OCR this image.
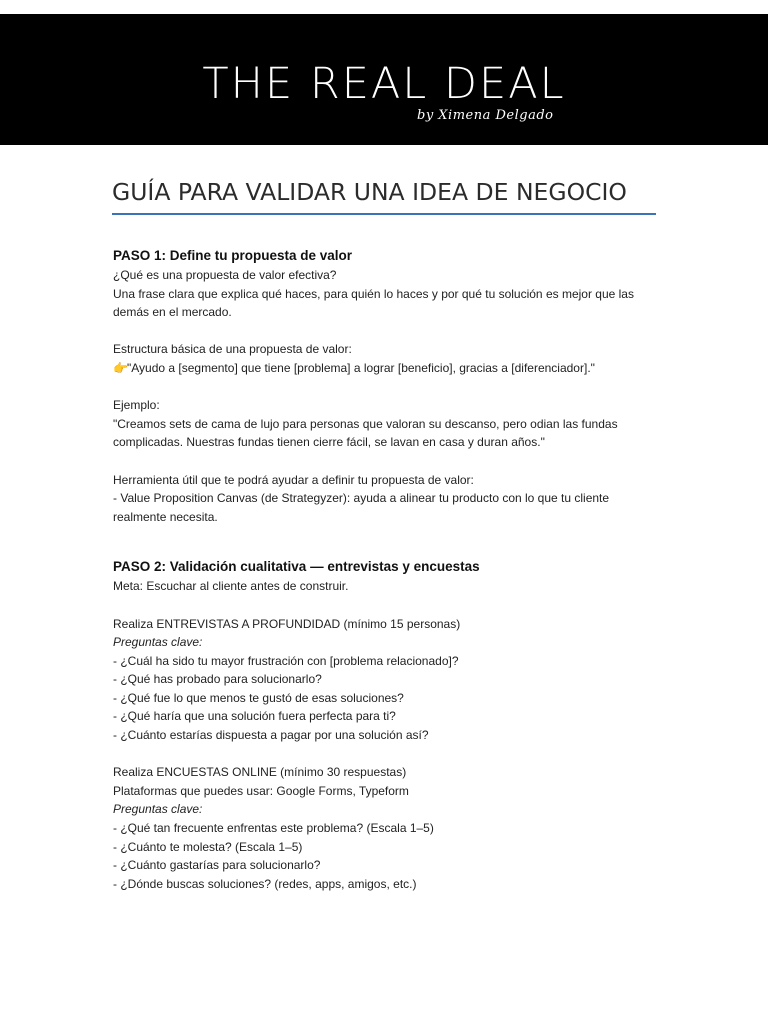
THE REAL DEAL
by Ximena Delgado
GUÍA PARA VALIDAR UNA IDEA DE NEGOCIO

PASO 1: Define tu propuesta de valor

¿Qué es una propuesta de valor efectiva?

Una frase clara que explica qué haces, para quién lo haces y por qué tu solución es mejor que las demás en el mercado.

Estructura básica de una propuesta de valor:

👉"Ayudo a [segmento] que tiene [problema] a lograr [beneficio], gracias a [diferenciador]."

Ejemplo:

"Creamos sets de cama de lujo para personas que valoran su descanso, pero odian las fundas complicadas. Nuestras fundas tienen cierre fácil, se lavan en casa y duran años."

Herramienta útil que te podrá ayudar a definir tu propuesta de valor:

- Value Proposition Canvas (de Strategyzer): ayuda a alinear tu producto con lo que tu cliente realmente necesita.

PASO 2: Validación cualitativa — entrevistas y encuestas

Meta: Escuchar al cliente antes de construir.

Realiza ENTREVISTAS A PROFUNDIDAD (mínimo 15 personas)

Preguntas clave:

- ¿Cuál ha sido tu mayor frustración con [problema relacionado]?

- ¿Qué has probado para solucionarlo?

- ¿Qué fue lo que menos te gustó de esas soluciones?

- ¿Qué haría que una solución fuera perfecta para ti?

- ¿Cuánto estarías dispuesta a pagar por una solución así?

Realiza ENCUESTAS ONLINE (mínimo 30 respuestas)

Plataformas que puedes usar: Google Forms, Typeform

Preguntas clave:

- ¿Qué tan frecuente enfrentas este problema? (Escala 1–5)

- ¿Cuánto te molesta? (Escala 1–5)

- ¿Cuánto gastarías para solucionarlo?

- ¿Dónde buscas soluciones? (redes, apps, amigos, etc.)
